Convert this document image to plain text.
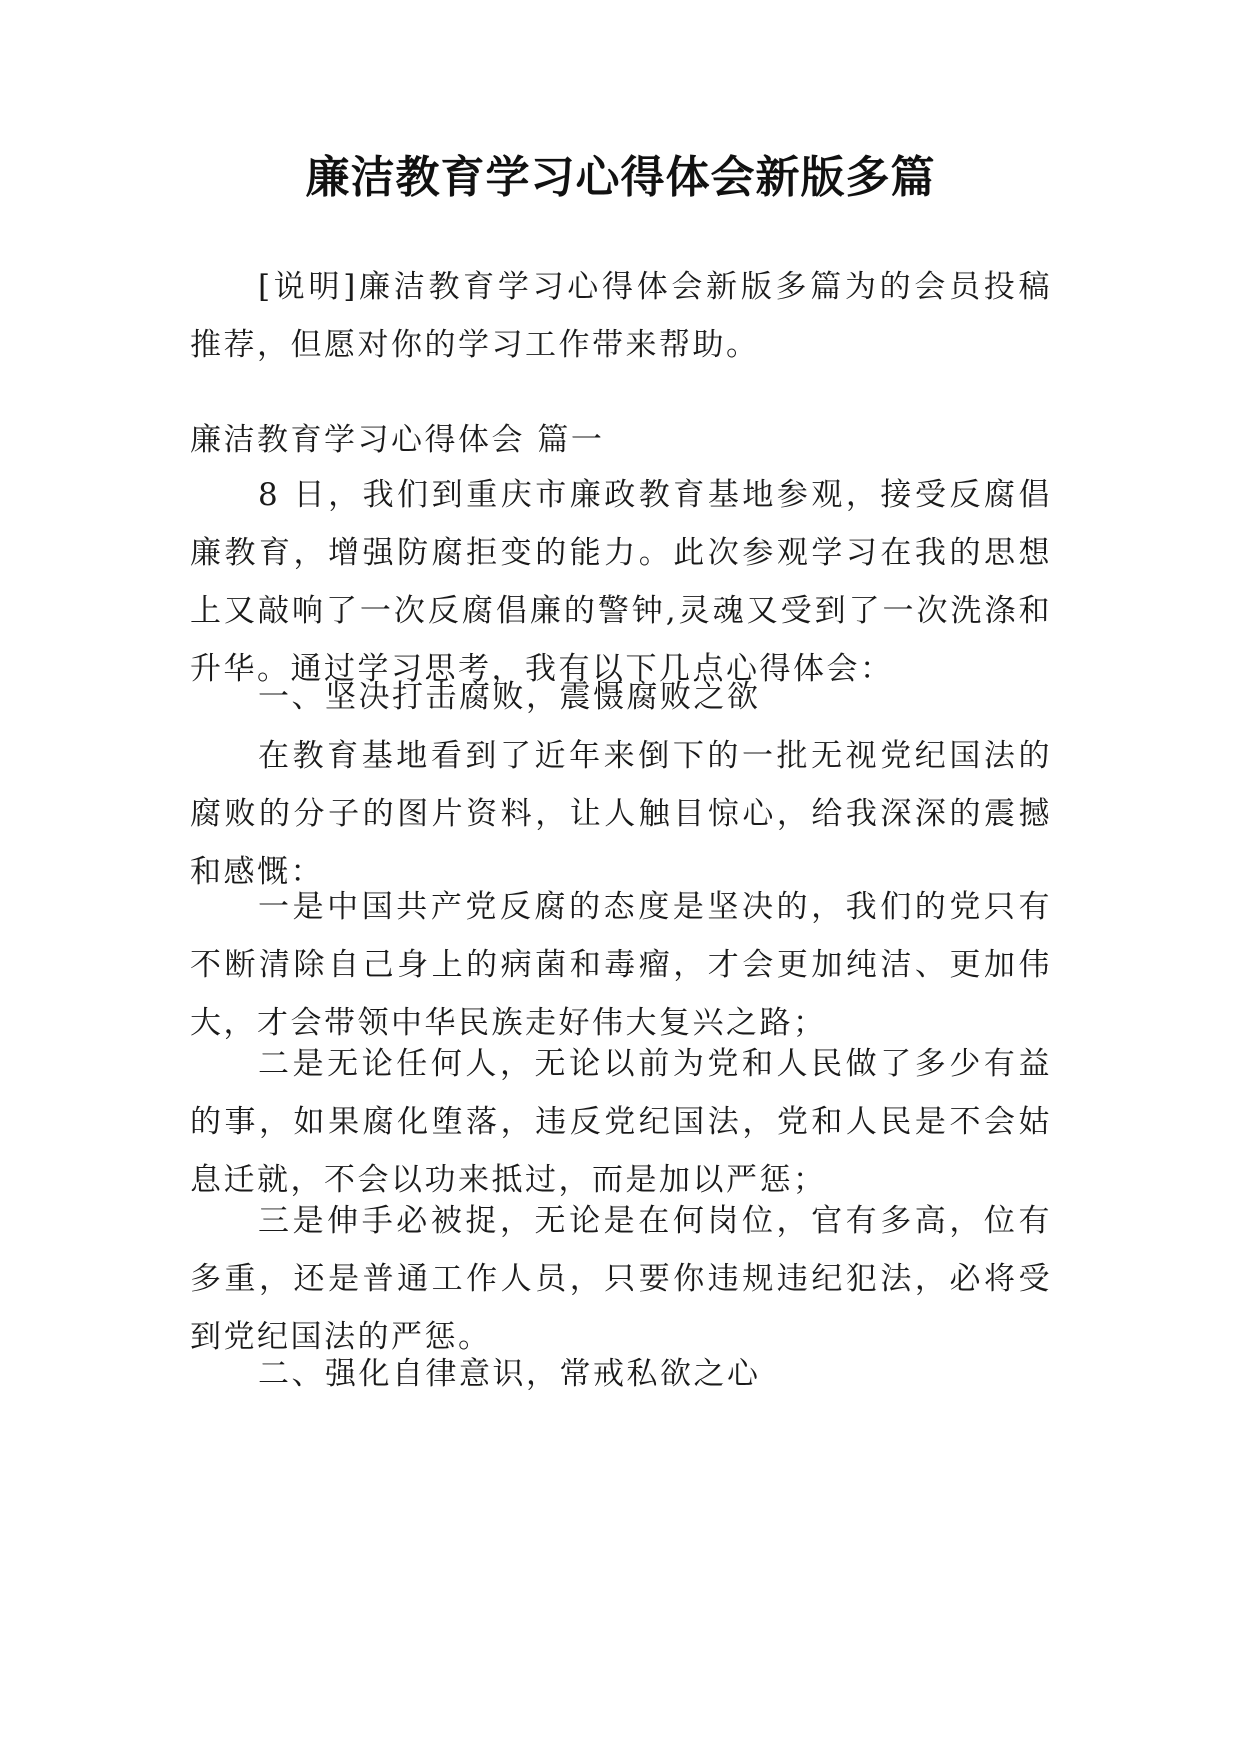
廉洁教育学习心得体会新版多篇
[说明]廉洁教育学习心得体会新版多篇为的会员投稿推荐，但愿对你的学习工作带来帮助。
廉洁教育学习心得体会 篇一
8 日，我们到重庆市廉政教育基地参观，接受反腐倡廉教育，增强防腐拒变的能力。此次参观学习在我的思想上又敲响了一次反腐倡廉的警钟,灵魂又受到了一次洗涤和升华。通过学习思考，我有以下几点心得体会：
一、坚决打击腐败，震慑腐败之欲
在教育基地看到了近年来倒下的一批无视党纪国法的腐败的分子的图片资料，让人触目惊心，给我深深的震撼和感慨：
一是中国共产党反腐的态度是坚决的，我们的党只有不断清除自己身上的病菌和毒瘤，才会更加纯洁、更加伟大，才会带领中华民族走好伟大复兴之路；
二是无论任何人，无论以前为党和人民做了多少有益的事，如果腐化堕落，违反党纪国法，党和人民是不会姑息迁就，不会以功来抵过，而是加以严惩；
三是伸手必被捉，无论是在何岗位，官有多高，位有多重，还是普通工作人员，只要你违规违纪犯法，必将受到党纪国法的严惩。
二、强化自律意识，常戒私欲之心
